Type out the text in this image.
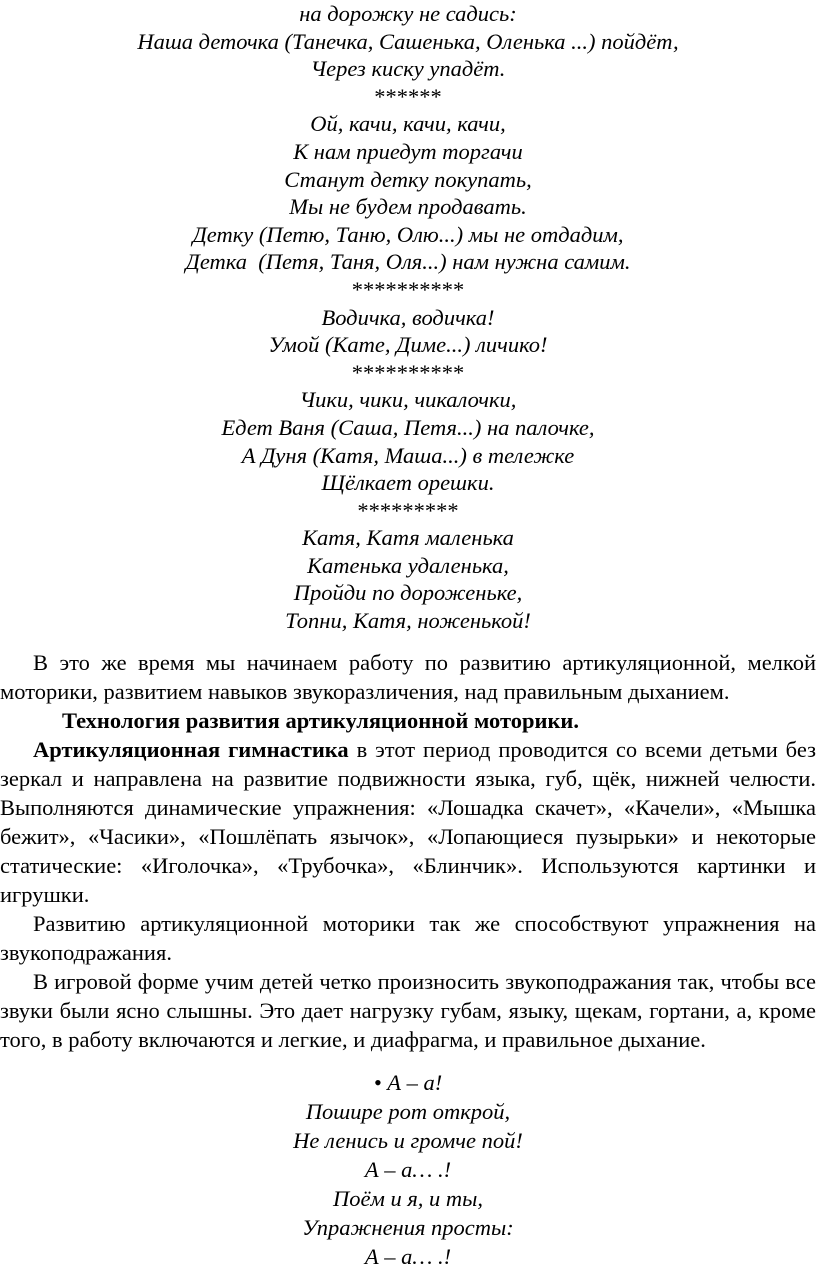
на дорожку не садись:
Наша деточка (Танечка, Сашенька, Оленька ...) пойдёт,
Через киску упадёт.
******
Ой, качи, качи, качи,
К нам приедут торгачи
Станут детку покупать,
Мы не будем продавать.
Детку (Петю, Таню, Олю...) мы не отдадим,
Детка  (Петя, Таня, Оля...) нам нужна самим.
**********
Водичка, водичка!
Умой (Кате, Диме...) личико!
**********
Чики, чики, чикалочки,
Едет Ваня (Саша, Петя...) на палочке,
А Дуня (Катя, Маша...) в тележке
Щёлкает орешки.
*********
Катя, Катя маленька
Катенька удаленька,
Пройди по дороженьке,
Топни, Катя, ноженькой!

В это же время мы начинаем работу по развитию артикуляционной, мелкой моторики, развитием навыков звукоразличения, над правильным дыханием.

Технология развития артикуляционной моторики.

Артикуляционная гимнастика в этот период проводится со всеми детьми без зеркал и направлена на развитие подвижности языка, губ, щёк, нижней челюсти. Выполняются динамические упражнения: «Лошадка скачет», «Качели», «Мышка бежит», «Часики», «Пошлёпать язычок», «Лопающиеся пузырьки» и некоторые статические: «Иголочка», «Трубочка», «Блинчик». Используются картинки и игрушки.

Развитию артикуляционной моторики так же способствуют упражнения на звукоподражания.

В игровой форме учим детей четко произносить звукоподражания так, чтобы все звуки были ясно слышны. Это дает нагрузку губам, языку, щекам, гортани, а, кроме того, в работу включаются и легкие, и диафрагма, и правильное дыхание.

• А – а!
Пошире рот открой,
Не ленись и громче пой!
А – а… .!
Поём и я, и ты,
Упражнения просты:
А – а… .!
